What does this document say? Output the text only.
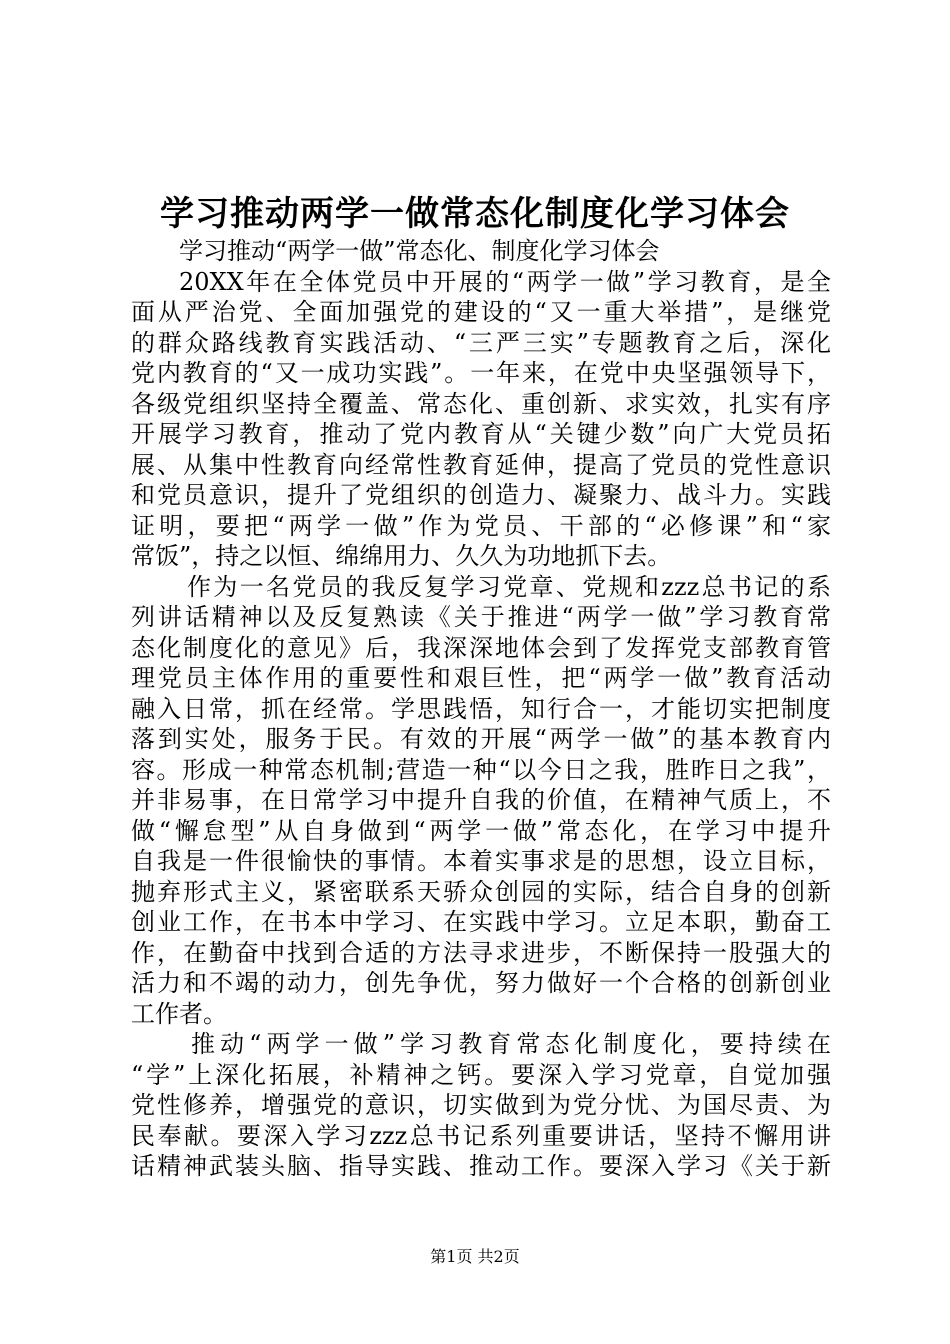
学习推动两学一做常态化制度化学习体会
学习推动“两学一做”常态化、制度化学习体会
20XX年在全体党员中开展的“两学一做”学习教育，是全
面从严治党、全面加强党的建设的“又一重大举措”，是继党
的群众路线教育实践活动、“三严三实”专题教育之后，深化
党内教育的“又一成功实践”。一年来，在党中央坚强领导下，
各级党组织坚持全覆盖、常态化、重创新、求实效，扎实有序
开展学习教育，推动了党内教育从“关键少数”向广大党员拓
展、从集中性教育向经常性教育延伸，提高了党员的党性意识
和党员意识，提升了党组织的创造力、凝聚力、战斗力。实践
证明，要把“两学一做”作为党员、干部的“必修课”和“家
常饭”，持之以恒、绵绵用力、久久为功地抓下去。
作为一名党员的我反复学习党章、党规和zzz总书记的系
列讲话精神以及反复熟读《关于推进“两学一做”学习教育常
态化制度化的意见》后，我深深地体会到了发挥党支部教育管
理党员主体作用的重要性和艰巨性，把“两学一做”教育活动
融入日常，抓在经常。学思践悟，知行合一，才能切实把制度
落到实处，服务于民。有效的开展“两学一做”的基本教育内
容。形成一种常态机制;营造一种“以今日之我，胜昨日之我”，
并非易事，在日常学习中提升自我的价值，在精神气质上，不
做“懈怠型”从自身做到“两学一做”常态化，在学习中提升
自我是一件很愉快的事情。本着实事求是的思想，设立目标，
抛弃形式主义，紧密联系天骄众创园的实际，结合自身的创新
创业工作，在书本中学习、在实践中学习。立足本职，勤奋工
作，在勤奋中找到合适的方法寻求进步，不断保持一股强大的
活力和不竭的动力，创先争优，努力做好一个合格的创新创业
工作者。
推动“两学一做”学习教育常态化制度化，要持续在
“学”上深化拓展，补精神之钙。要深入学习党章，自觉加强
党性修养，增强党的意识，切实做到为党分忧、为国尽责、为
民奉献。要深入学习zzz总书记系列重要讲话，坚持不懈用讲
话精神武装头脑、指导实践、推动工作。要深入学习《关于新
第1页 共2页
